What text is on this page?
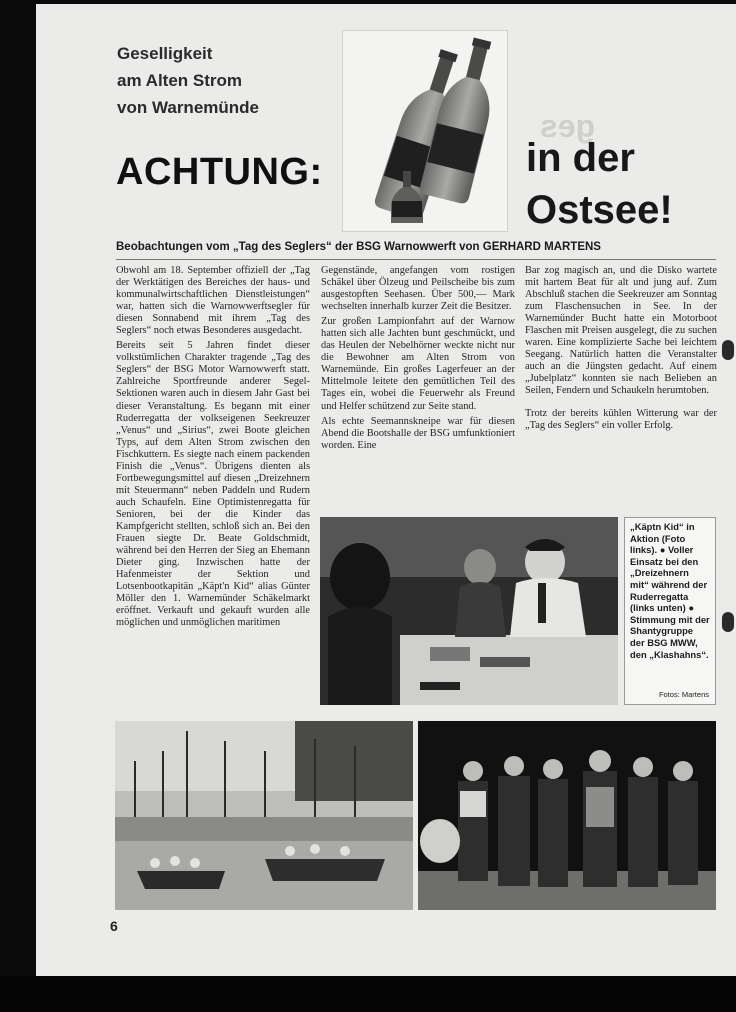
ges
Geselligkeit
am Alten Strom
von Warnemünde
ACHTUNG:	in der
Ostsee!
Beobachtungen vom „Tag des Seglers“ der BSG Warnowwerft von GERHARD MARTENS

Obwohl am 18. September offiziell der „Tag der Werktätigen des Bereiches der haus- und kommunalwirtschaftlichen Dienstleistungen“ war, hatten sich die Warnowwerftsegler für diesen Sonnabend mit ihrem „Tag des Seglers“ noch etwas Besonderes ausgedacht.

Bereits seit 5 Jahren findet dieser volkstümlichen Charakter tragende „Tag des Seglers“ der BSG Motor Warnowwerft statt. Zahlreiche Sportfreunde anderer Segel-Sektionen waren auch in diesem Jahr Gast bei dieser Veranstaltung. Es begann mit einer Ruderregatta der volkseigenen Seekreuzer „Venus“ und „Sirius“, zwei Boote gleichen Typs, auf dem Alten Strom zwischen den Fischkuttern. Es siegte nach einem packenden Finish die „Venus“. Übrigens dienten als Fortbewegungsmittel auf diesen „Dreizehnern mit Steuermann“ neben Paddeln und Rudern auch Schaufeln. Eine Optimistenregatta für Senioren, bei der die Kinder das Kampfgericht stellten, schloß sich an. Bei den Frauen siegte Dr. Beate Goldschmidt, während bei den Herren der Sieg an Ehemann Dieter ging. Inzwischen hatte der Hafenmeister der Sektion und Lotsenbootkapitän „Käpt'n Kid“ alias Günter Möller den 1. Warnemünder Schäkelmarkt eröffnet. Verkauft und gekauft wurden alle möglichen und unmöglichen maritimen

Gegenstände, angefangen vom rostigen Schäkel über Ölzeug und Peilscheibe bis zum ausgestopften Seehasen. Über 500,— Mark wechselten innerhalb kurzer Zeit die Besitzer.

Zur großen Lampionfahrt auf der Warnow hatten sich alle Jachten bunt geschmückt, und das Heulen der Nebelhörner weckte nicht nur die Bewohner am Alten Strom von Warnemünde. Ein großes Lagerfeuer an der Mittelmole leitete den gemütlichen Teil des Tages ein, wobei die Feuerwehr als Freund und Helfer schützend zur Seite stand.

Als echte Seemannskneipe war für diesen Abend die Bootshalle der BSG umfunktioniert worden. Eine

Bar zog magisch an, und die Disko wartete mit hartem Beat für alt und jung auf. Zum Abschluß stachen die Seekreuzer am Sonntag zum Flaschensuchen in See. In der Warnemünder Bucht hatte ein Motorboot Flaschen mit Preisen ausgelegt, die zu suchen waren. Eine komplizierte Sache bei leichtem Seegang. Natürlich hatten die Veranstalter auch an die Jüngsten gedacht. Auf einem „Jubelplatz“ konnten sie nach Belieben an Seilen, Fendern und Schaukeln herumtoben.

Trotz der bereits kühlen Witterung war der „Tag des Seglers“ ein voller Erfolg.

„Käptn Kid“ in Aktion (Foto links). ● Voller Einsatz bei den „Dreizehnern mit“ während der Ruderregatta (links unten) ● Stimmung mit der Shantygruppe der BSG MWW, den „Klashahns“.
Fotos: Martens
6
